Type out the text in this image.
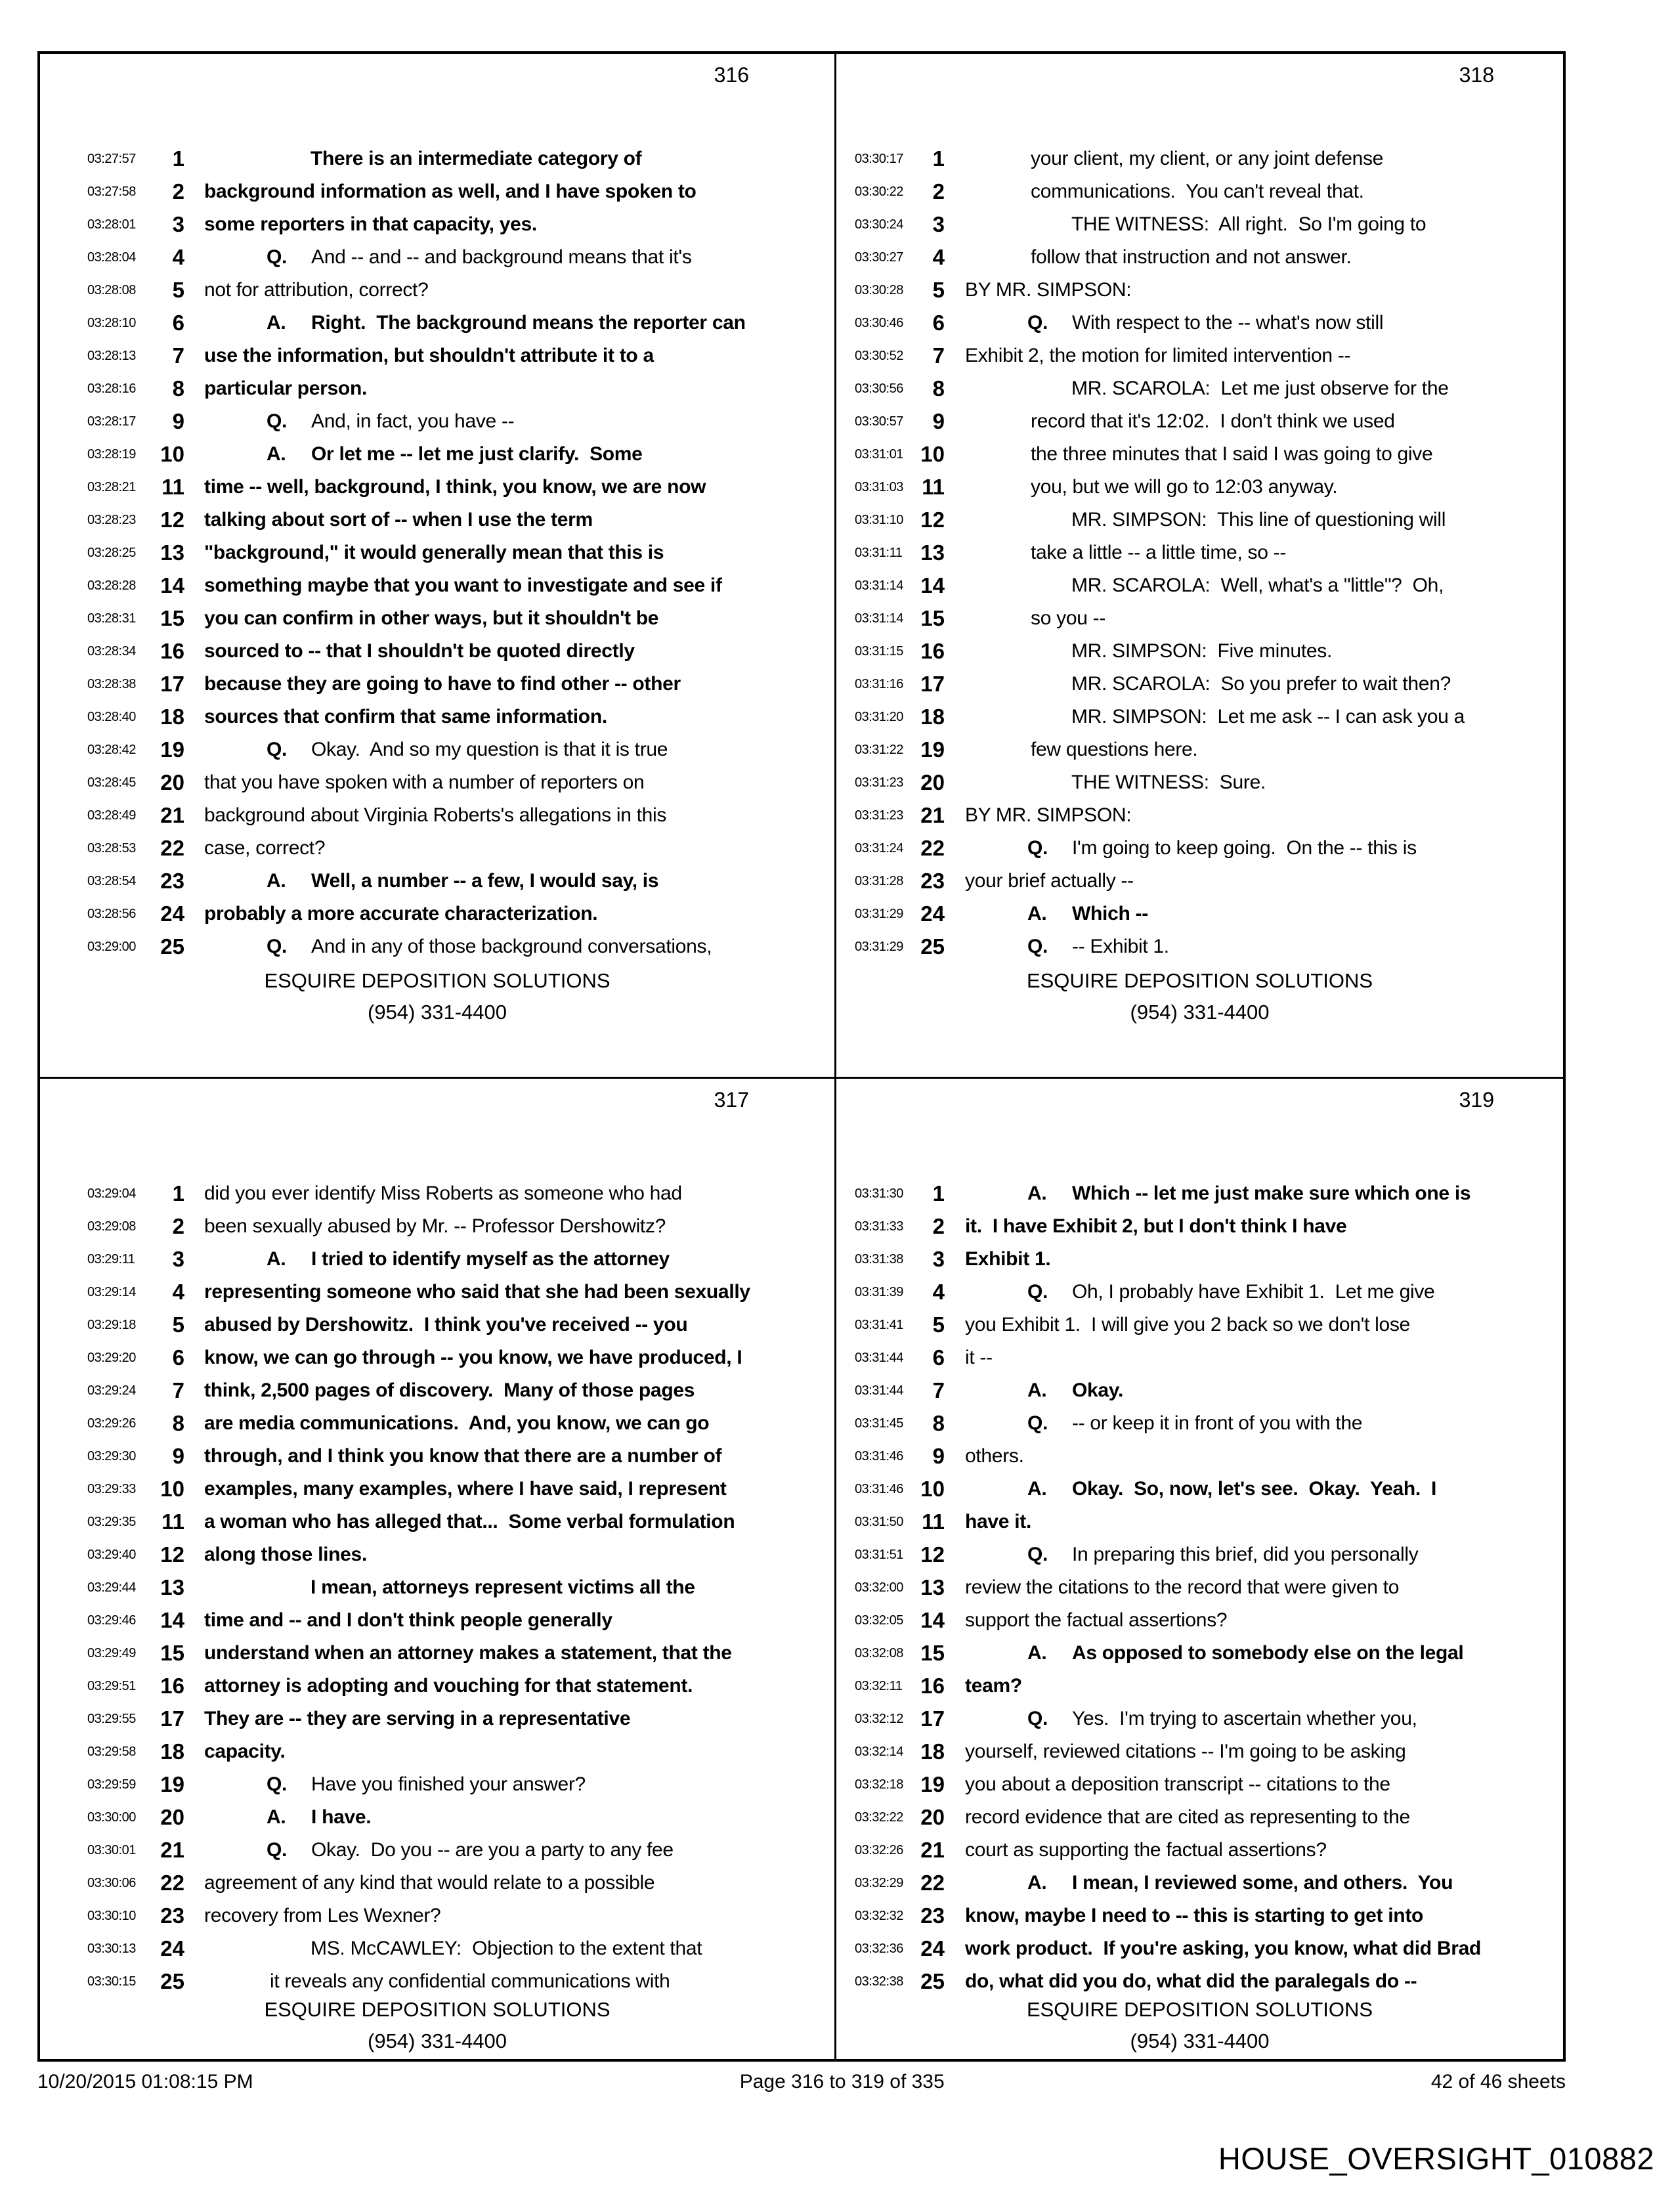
316
03:27:57	1	There is an intermediate category of
03:27:58	2 background information as well, and I have spoken to
03:28:01	3 some reporters in that capacity, yes.
03:28:04	4	Q. And -- and -- and background means that it's
03:28:08	5 not for attribution, correct?
03:28:10	6	A. Right.  The background means the reporter can
03:28:13	7 use the information, but shouldn't attribute it to a
03:28:16	8 particular person.
03:28:17	9	Q. And, in fact, you have --
03:28:19	10	A. Or let me -- let me just clarify.  Some
03:28:21	11 time -- well, background, I think, you know, we are now
03:28:23	12 talking about sort of -- when I use the term
03:28:25	13 "background," it would generally mean that this is
03:28:28	14 something maybe that you want to investigate and see if
03:28:31	15 you can confirm in other ways, but it shouldn't be
03:28:34	16 sourced to -- that I shouldn't be quoted directly
03:28:38	17 because they are going to have to find other -- other
03:28:40	18 sources that confirm that same information.
03:28:42	19	Q. Okay.  And so my question is that it is true
03:28:45	20 that you have spoken with a number of reporters on
03:28:49	21 background about Virginia Roberts's allegations in this
03:28:53	22 case, correct?
03:28:54	23	A. Well, a number -- a few, I would say, is
03:28:56	24 probably a more accurate characterization.
03:29:00	25	Q. And in any of those background conversations,
ESQUIRE DEPOSITION SOLUTIONS
(954) 331-4400
318
03:30:17	1	your client, my client, or any joint defense
03:30:22	2	communications.  You can't reveal that.
03:30:24	3	THE WITNESS:  All right.  So I'm going to
03:30:27	4	follow that instruction and not answer.
03:30:28	5 BY MR. SIMPSON:
03:30:46	6	Q. With respect to the -- what's now still
03:30:52	7 Exhibit 2, the motion for limited intervention --
03:30:56	8	MR. SCAROLA:  Let me just observe for the
03:30:57	9	record that it's 12:02.  I don't think we used
03:31:01 10	the three minutes that I said I was going to give
03:31:03 11	you, but we will go to 12:03 anyway.
03:31:10 12	MR. SIMPSON:  This line of questioning will
03:31:11 13	take a little -- a little time, so --
03:31:14 14	MR. SCAROLA:  Well, what's a "little"?  Oh,
03:31:14 15	so you --
03:31:15 16	MR. SIMPSON:  Five minutes.
03:31:16 17	MR. SCAROLA:  So you prefer to wait then?
03:31:20 18	MR. SIMPSON:  Let me ask -- I can ask you a
03:31:22 19	few questions here.
03:31:23 20	THE WITNESS:  Sure.
03:31:23 21 BY MR. SIMPSON:
03:31:24 22	Q. I'm going to keep going.  On the -- this is
03:31:28 23 your brief actually --
03:31:29 24	A. Which --
03:31:29 25	Q. -- Exhibit 1.
ESQUIRE DEPOSITION SOLUTIONS
(954) 331-4400
317
03:29:04	1 did you ever identify Miss Roberts as someone who had
03:29:08	2 been sexually abused by Mr. -- Professor Dershowitz?
03:29:11	3	A. I tried to identify myself as the attorney
03:29:14	4 representing someone who said that she had been sexually
03:29:18	5 abused by Dershowitz.  I think you've received -- you
03:29:20	6 know, we can go through -- you know, we have produced, I
03:29:24	7 think, 2,500 pages of discovery.  Many of those pages
03:29:26	8 are media communications.  And, you know, we can go
03:29:30	9 through, and I think you know that there are a number of
03:29:33	10 examples, many examples, where I have said, I represent
03:29:35	11 a woman who has alleged that...  Some verbal formulation
03:29:40	12 along those lines.
03:29:44	13	I mean, attorneys represent victims all the
03:29:46	14 time and -- and I don't think people generally
03:29:49	15 understand when an attorney makes a statement, that the
03:29:51	16 attorney is adopting and vouching for that statement.
03:29:55	17 They are -- they are serving in a representative
03:29:58	18 capacity.
03:29:59	19	Q. Have you finished your answer?
03:30:00	20	A. I have.
03:30:01	21	Q. Okay.  Do you -- are you a party to any fee
03:30:06	22 agreement of any kind that would relate to a possible
03:30:10	23 recovery from Les Wexner?
03:30:13	24	MS. McCAWLEY:  Objection to the extent that
03:30:15	25	it reveals any confidential communications with
ESQUIRE DEPOSITION SOLUTIONS
(954) 331-4400
319
03:31:30	1	A. Which -- let me just make sure which one is
03:31:33	2 it.  I have Exhibit 2, but I don't think I have
03:31:38	3 Exhibit 1.
03:31:39	4	Q. Oh, I probably have Exhibit 1.  Let me give
03:31:41	5 you Exhibit 1.  I will give you 2 back so we don't lose
03:31:44	6 it --
03:31:44	7	A. Okay.
03:31:45	8	Q. -- or keep it in front of you with the
03:31:46	9 others.
03:31:46 10	A. Okay.  So, now, let's see.  Okay.  Yeah.  I
03:31:50 11 have it.
03:31:51 12	Q. In preparing this brief, did you personally
03:32:00 13 review the citations to the record that were given to
03:32:05 14 support the factual assertions?
03:32:08 15	A. As opposed to somebody else on the legal
03:32:11 16 team?
03:32:12 17	Q. Yes.  I'm trying to ascertain whether you,
03:32:14 18 yourself, reviewed citations -- I'm going to be asking
03:32:18 19 you about a deposition transcript -- citations to the
03:32:22 20 record evidence that are cited as representing to the
03:32:26 21 court as supporting the factual assertions?
03:32:29 22	A. I mean, I reviewed some, and others.  You
03:32:32 23 know, maybe I need to -- this is starting to get into
03:32:36 24 work product.  If you're asking, you know, what did Brad
03:32:38 25 do, what did you do, what did the paralegals do --
ESQUIRE DEPOSITION SOLUTIONS
(954) 331-4400
10/20/2015 01:08:15 PM	Page 316 to 319 of 335	42 of 46 sheets
HOUSE_OVERSIGHT_010882
